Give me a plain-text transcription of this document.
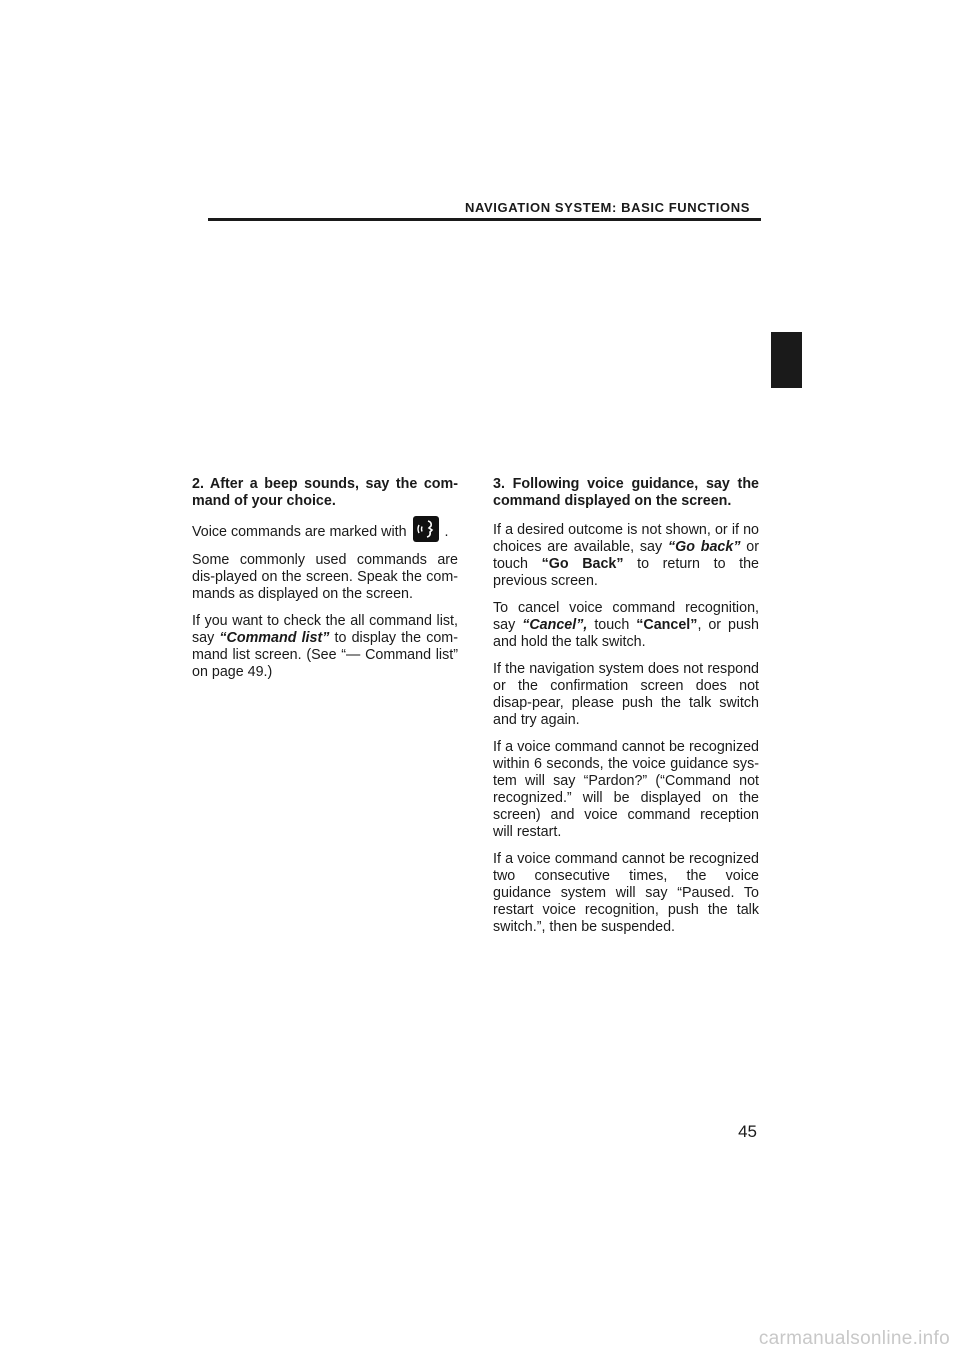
NAVIGATION SYSTEM: BASIC FUNCTIONS

2. After a beep sounds, say the com-mand of your choice.

Voice commands are marked with	.

Some commonly used commands are dis-played on the screen. Speak the com-mands as displayed on the screen.

If you want to check the all command list, say “Command list” to display the com-mand list screen. (See “— Command list” on page 49.)

3. Following voice guidance, say the command displayed on the screen.

If a desired outcome is not shown, or if no choices are available, say “Go back” or touch “Go Back” to return to the previous screen.

To cancel voice command recognition, say “Cancel”, touch “Cancel”, or push and hold the talk switch.

If the navigation system does not respond or the confirmation screen does not disap-pear, please push the talk switch and try again.

If a voice command cannot be recognized within 6 seconds, the voice guidance sys-tem will say “Pardon?” (“Command not recognized.” will be displayed on the screen) and voice command reception will restart.

If a voice command cannot be recognized two consecutive times, the voice guidance system will say “Paused. To restart voice recognition, push the talk switch.”, then be suspended.

45
carmanualsonline.info
